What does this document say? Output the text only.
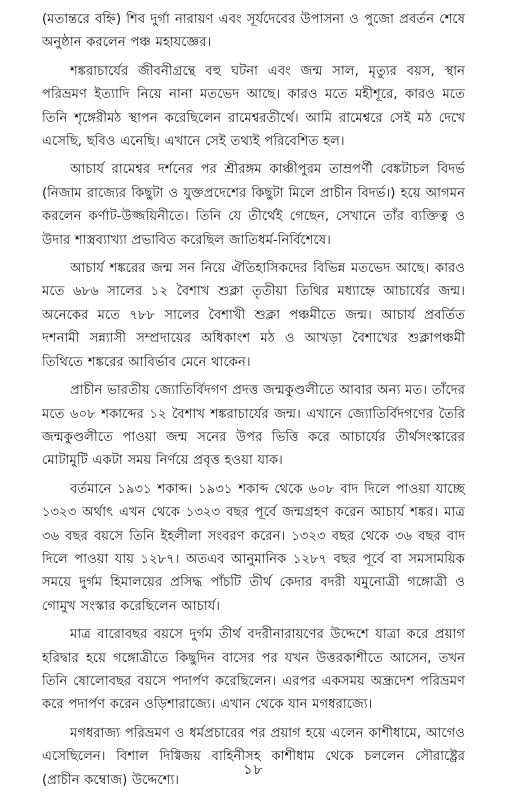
(মতান্তরে বহ্নি) শিব দুর্গা নারায়ণ এবং সূর্যদেবের উপাসনা ও পুজো প্রবর্তন শেষে অনুষ্ঠান করলেন পঞ্চ মহাযজ্ঞের।

শঙ্করাচার্যের জীবনীগ্রন্থে বহু ঘটনা এবং জন্ম সাল, মৃত্যুর বয়স, স্থান পরিভ্রমণ ইত্যাদি নিয়ে নানা মতভেদ আছে। কারও মতে মহীশূরে, কারও মতে তিনি শৃঙ্গেরীমঠ স্থাপন করেছিলেন রামেশ্বরতীর্থে। আমি রামেশ্বরে সেই মঠ দেখে এসেছি, ছবিও এনেছি। এখানে সেই তথ্যই পরিবেশিত হল।

আচার্য রামেশ্বর দর্শনের পর শ্রীরঙ্গম কাঞ্চীপুরম তাম্রপর্ণী বেঙ্কটাচল বিদর্ভ (নিজাম রাজ্যের কিছুটা ও যুক্তপ্রদেশের কিছুটা মিলে প্রাচীন বিদর্ভ।) হয়ে আগমন করলেন কর্ণাট-উজ্জয়িনীতে। তিনি যে তীর্থেই গেছেন, সেখানে তাঁর ব্যক্তিত্ব ও উদার শাস্ত্রব্যাখ্যা প্রভাবিত করেছিল জাতিধর্ম-নির্বিশেষে।

আচার্য শঙ্করের জন্ম সন নিয়ে ঐতিহাসিকদের বিভিন্ন মতভেদ আছে। কারও মতে ৬৮৬ সালের ১২ বৈশাখ শুক্লা তৃতীয়া তিথির মধ্যাহ্নে আচার্যের জন্ম। অনেকের মতে ৭৮৮ সালের বৈশাখী শুক্লা পঞ্চমীতে জন্ম। আচার্য প্রবর্তিত দশনামী সন্ন্যাসী সম্প্রদায়ের অধিকাংশ মঠ ও আখড়া বৈশাখের শুক্লাপঞ্চমী তিথিতে শঙ্করের আবির্ভাব মেনে থাকেন।

প্রাচীন ভারতীয় জ্যোতির্বিদগণ প্রদত্ত জন্মকুণ্ডলীতে আবার অন্য মত। তাঁদের মতে ৬০৮ শকাব্দের ১২ বৈশাখ শঙ্করাচার্যের জন্ম। এখানে জ্যোতির্বিদগণের তৈরি জন্মকুণ্ডলীতে পাওয়া জন্ম সনের উপর ভিত্তি করে আচার্যের তীর্থসংস্কারের মোটামুটি একটা সময় নির্ণয়ে প্রবৃত্ত হওয়া যাক।

বর্তমানে ১৯৩১ শকাব্দ। ১৯৩১ শকাব্দ থেকে ৬০৮ বাদ দিলে পাওয়া যাচ্ছে ১৩২৩ অর্থাৎ এখন থেকে ১৩২৩ বছর পূর্বে জন্মগ্রহণ করেন আচার্য শঙ্কর। মাত্র ৩৬ বছর বয়সে তিনি ইহলীলা সংবরণ করেন। ১৩২৩ বছর থেকে ৩৬ বছর বাদ দিলে পাওয়া যায় ১২৮৭। অতএব আনুমানিক ১২৮৭ বছর পূর্বে বা সমসাময়িক সময়ে দুর্গম হিমালয়ের প্রসিদ্ধ পাঁচটি তীর্থ কেদার বদরী যমুনোত্রী গঙ্গোত্রী ও গোমুখ সংস্কার করেছিলেন আচার্য।

মাত্র বারোবছর বয়সে দুর্গম তীর্থ বদরীনারায়ণের উদ্দেশে যাত্রা করে প্রয়াগ হরিদ্বার হয়ে গঙ্গোত্রীতে কিছুদিন বাসের পর যখন উত্তরকাশীতে আসেন, তখন তিনি ষোলোবছর বয়সে পদার্পণ করেছিলেন। এরপর একসময় অন্ধ্রদেশ পরিভ্রমণ করে পদার্পণ করেন ওড়িশারাজ্যে। এখান থেকে যান মগধরাজ্যে।

মগধরাজ্য পরিভ্রমণ ও ধর্মপ্রচারের পর প্রয়াগ হয়ে এলেন কাশীধামে, আগেও এসেছিলেন। বিশাল দিগ্বিজয় বাহিনীসহ কাশীধাম থেকে চললেন সৌরাষ্ট্রের (প্রাচীন কম্বোজ) উদ্দেশ্যে।

১৮
